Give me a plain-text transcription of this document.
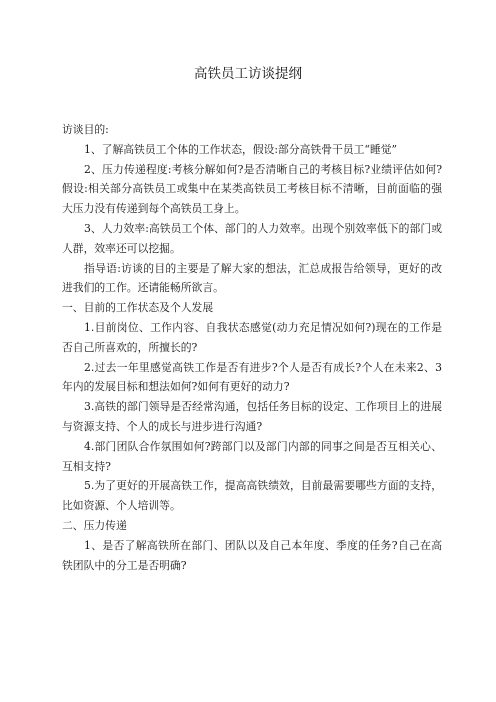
高铁员工访谈提纲

访谈目的:

1、了解高铁员工个体的工作状态，假设:部分高铁骨干员工“睡觉”

2、压力传递程度:考核分解如何?是否清晰自己的考核目标?业绩评估如何?假设:相关部分高铁员工或集中在某类高铁员工考核目标不清晰，目前面临的强大压力没有传递到每个高铁员工身上。

3、人力效率:高铁员工个体、部门的人力效率。出现个别效率低下的部门或人群，效率还可以挖掘。

指导语:访谈的目的主要是了解大家的想法，汇总成报告给领导，更好的改进我们的工作。还请能畅所欲言。

一、目前的工作状态及个人发展

1.目前岗位、工作内容、自我状态感觉(动力充足情况如何?)现在的工作是否自己所喜欢的，所擅长的?

2.过去一年里感觉高铁工作是否有进步?个人是否有成长?个人在未来2、3年内的发展目标和想法如何?如何有更好的动力?

3.高铁的部门领导是否经常沟通，包括任务目标的设定、工作项目上的进展与资源支持、个人的成长与进步进行沟通?

4.部门团队合作氛围如何?跨部门以及部门内部的同事之间是否互相关心、互相支持?

5.为了更好的开展高铁工作，提高高铁绩效，目前最需要哪些方面的支持，比如资源、个人培训等。

二、压力传递

1、是否了解高铁所在部门、团队以及自己本年度、季度的任务?自己在高铁团队中的分工是否明确?
